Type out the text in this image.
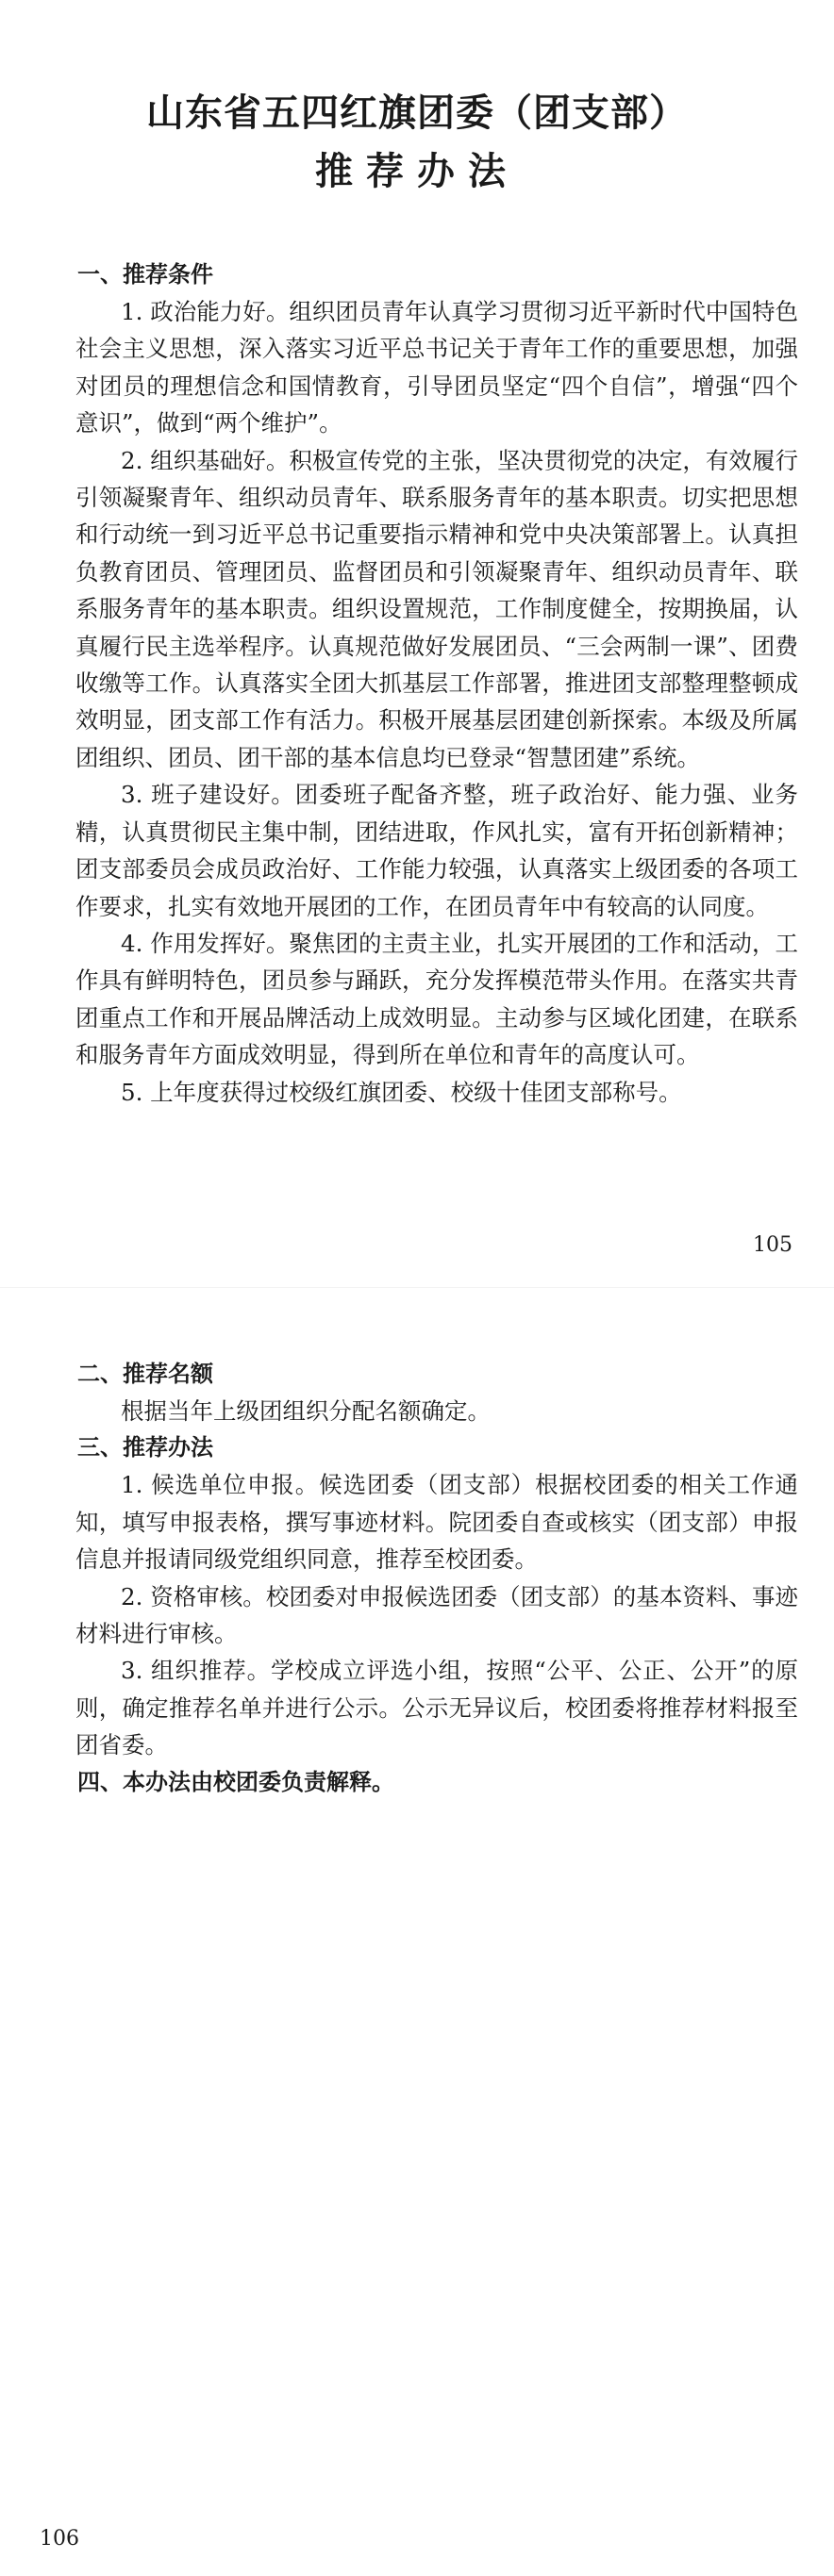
山东省五四红旗团委（团支部）
推荐办法

一、推荐条件

1. 政治能力好。组织团员青年认真学习贯彻习近平新时代中国特色社会主义思想，深入落实习近平总书记关于青年工作的重要思想，加强对团员的理想信念和国情教育，引导团员坚定“四个自信”，增强“四个意识”，做到“两个维护”。

2. 组织基础好。积极宣传党的主张，坚决贯彻党的决定，有效履行引领凝聚青年、组织动员青年、联系服务青年的基本职责。切实把思想和行动统一到习近平总书记重要指示精神和党中央决策部署上。认真担负教育团员、管理团员、监督团员和引领凝聚青年、组织动员青年、联系服务青年的基本职责。组织设置规范，工作制度健全，按期换届，认真履行民主选举程序。认真规范做好发展团员、“三会两制一课”、团费收缴等工作。认真落实全团大抓基层工作部署，推进团支部整理整顿成效明显，团支部工作有活力。积极开展基层团建创新探索。本级及所属团组织、团员、团干部的基本信息均已登录“智慧团建”系统。

3. 班子建设好。团委班子配备齐整，班子政治好、能力强、业务精，认真贯彻民主集中制，团结进取，作风扎实，富有开拓创新精神；团支部委员会成员政治好、工作能力较强，认真落实上级团委的各项工作要求，扎实有效地开展团的工作，在团员青年中有较高的认同度。

4. 作用发挥好。聚焦团的主责主业，扎实开展团的工作和活动，工作具有鲜明特色，团员参与踊跃，充分发挥模范带头作用。在落实共青团重点工作和开展品牌活动上成效明显。主动参与区域化团建，在联系和服务青年方面成效明显，得到所在单位和青年的高度认可。

5. 上年度获得过校级红旗团委、校级十佳团支部称号。

105

二、推荐名额

根据当年上级团组织分配名额确定。

三、推荐办法

1. 候选单位申报。候选团委（团支部）根据校团委的相关工作通知，填写申报表格，撰写事迹材料。院团委自查或核实（团支部）申报信息并报请同级党组织同意，推荐至校团委。

2. 资格审核。校团委对申报候选团委（团支部）的基本资料、事迹材料进行审核。

3. 组织推荐。学校成立评选小组，按照“公平、公正、公开”的原则，确定推荐名单并进行公示。公示无异议后，校团委将推荐材料报至团省委。

四、本办法由校团委负责解释。

106
